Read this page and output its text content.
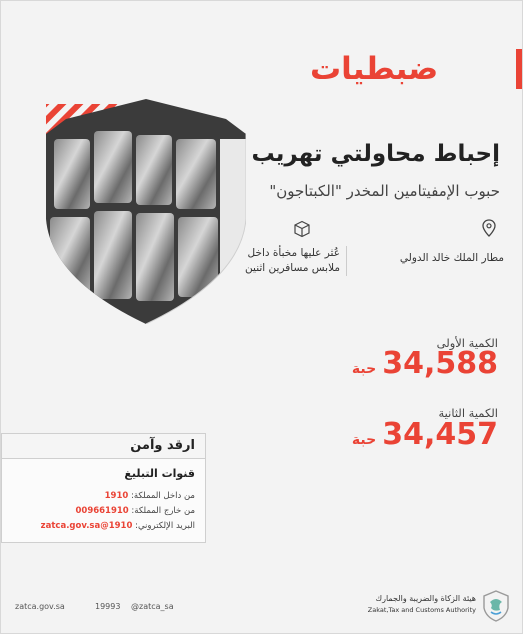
ضبطيات
إحباط محاولتي تهريب
حبوب الإمفيتامين المخدر "الكبتاجون"
مطار الملك خالد الدولي
عُثر عليها مخبأة داخل
ملابس مسافرين اثنين
الكمية الأولى
34,588
حبة
الكمية الثانية
34,457
حبة
ارقد وآمن
قنوات التبليغ
من داخل المملكة: 1910
من خارج المملكة: 009661910
البريد الإلكتروني: 1910@zatca.gov.sa
zatca.gov.sa	19993 @zatca_sa
هيئة الزكاة والضريبة والجمارك
Zakat,Tax and Customs Authority
